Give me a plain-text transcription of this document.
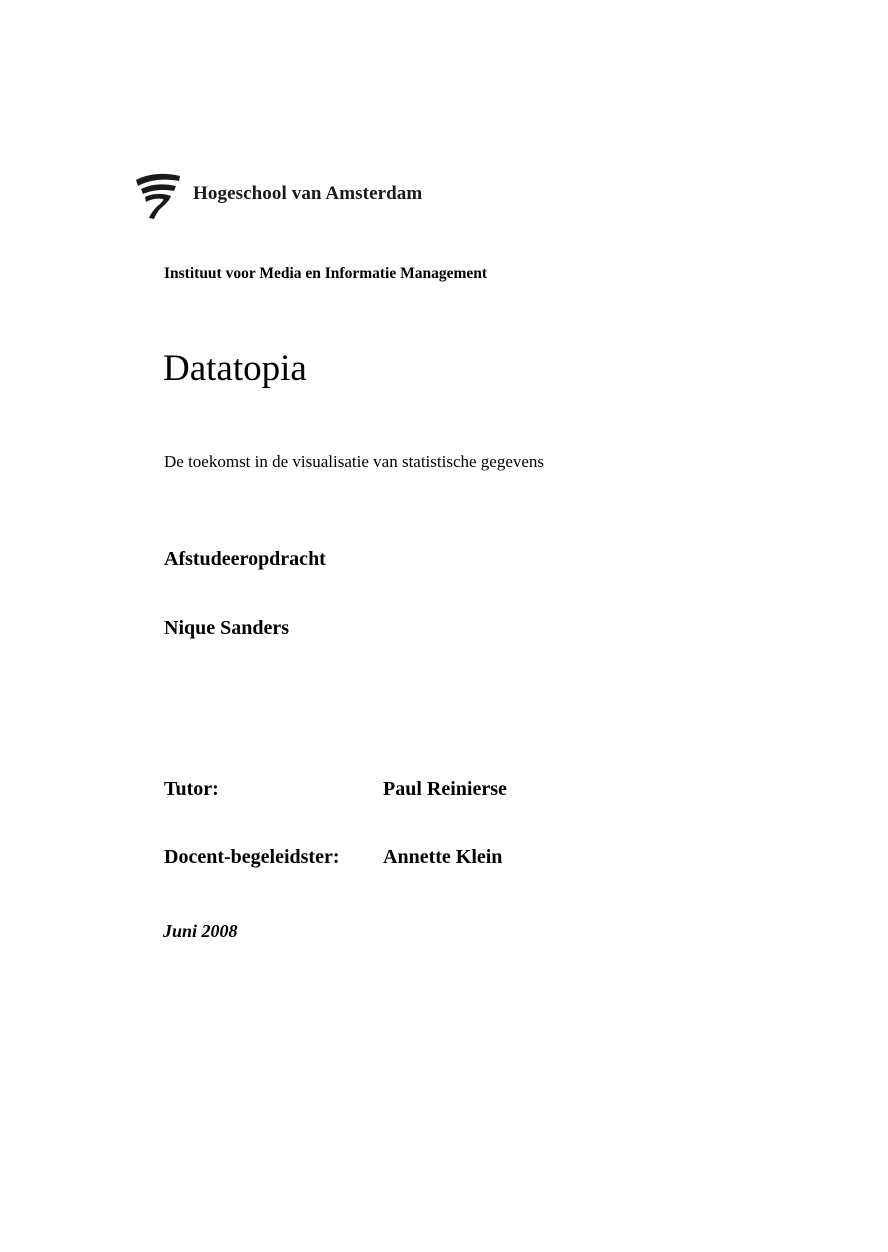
Hogeschool van Amsterdam
Instituut voor Media en Informatie Management
Datatopia
De toekomst in de visualisatie van statistische gegevens
Afstudeeropdracht
Nique Sanders
Tutor:	Paul Reinierse
Docent-begeleidster: Annette Klein
Juni 2008
